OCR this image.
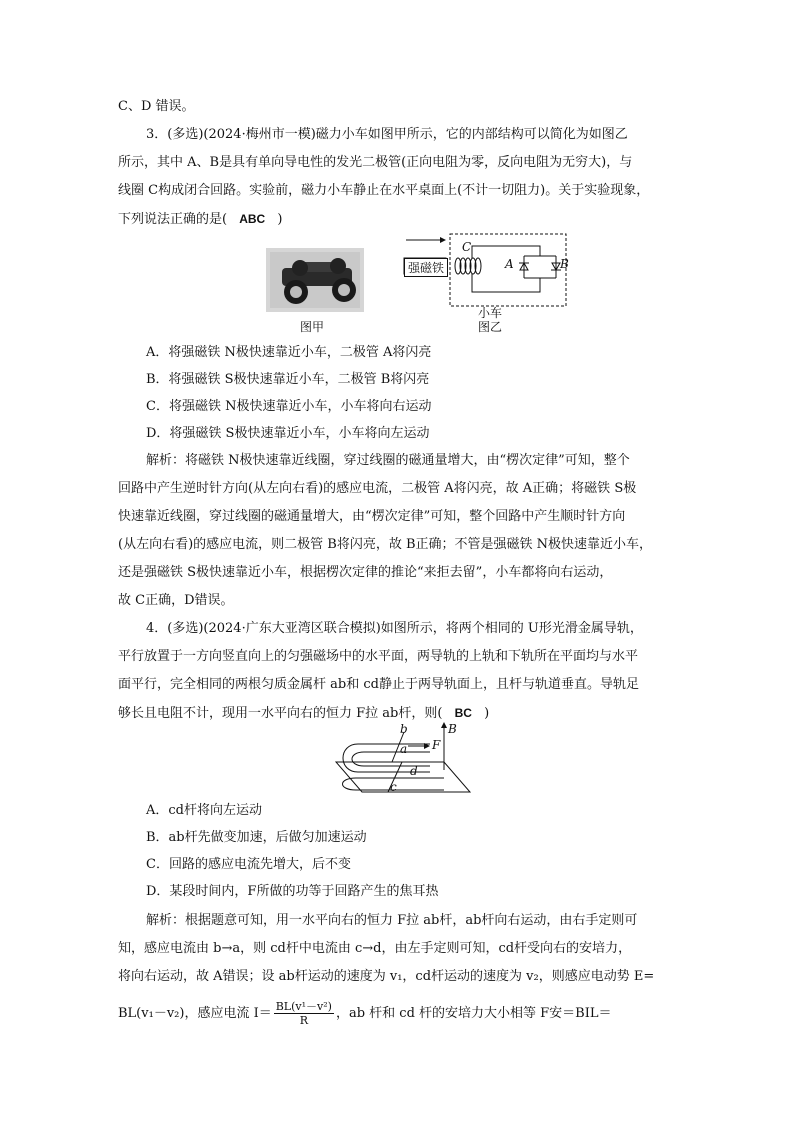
C、D 错误。
3．(多选)(2024·梅州市一模)磁力小车如图甲所示，它的内部结构可以简化为如图乙
所示，其中 A、B是具有单向导电性的发光二极管(正向电阻为零，反向电阻为无穷大)，与
线圈 C构成闭合回路。实验前，磁力小车静止在水平桌面上(不计一切阻力)。关于实验现象，
下列说法正确的是( ABC )
图甲
强磁铁
C
A	B
小车
图乙
A．将强磁铁 N极快速靠近小车，二极管 A将闪亮
B．将强磁铁 S极快速靠近小车，二极管 B将闪亮
C．将强磁铁 N极快速靠近小车，小车将向右运动
D．将强磁铁 S极快速靠近小车，小车将向左运动
解析：将磁铁 N极快速靠近线圈，穿过线圈的磁通量增大，由“楞次定律”可知，整个
回路中产生逆时针方向(从左向右看)的感应电流，二极管 A将闪亮，故 A正确；将磁铁 S极
快速靠近线圈，穿过线圈的磁通量增大，由“楞次定律”可知，整个回路中产生顺时针方向
(从左向右看)的感应电流，则二极管 B将闪亮，故 B正确；不管是强磁铁 N极快速靠近小车，
还是强磁铁 S极快速靠近小车，根据楞次定律的推论“来拒去留”，小车都将向右运动，
故 C正确，D错误。
4．(多选)(2024·广东大亚湾区联合模拟)如图所示，将两个相同的 U形光滑金属导轨，
平行放置于一方向竖直向上的匀强磁场中的水平面，两导轨的上轨和下轨所在平面均与水平
面平行，完全相同的两根匀质金属杆 ab和 cd静止于两导轨面上，且杆与轨道垂直。导轨足
够长且电阻不计，现用一水平向右的恒力 F拉 ab杆，则( BC )
b	B
F
a
d
c
A．cd杆将向左运动
B．ab杆先做变加速，后做匀加速运动
C．回路的感应电流先增大，后不变
D．某段时间内，F所做的功等于回路产生的焦耳热
解析：根据题意可知，用一水平向右的恒力 F拉 ab杆，ab杆向右运动，由右手定则可
知，感应电流由 b→a，则 cd杆中电流由 c→d，由左手定则可知，cd杆受向右的安培力，
将向右运动，故 A错误；设 ab杆运动的速度为 v₁，cd杆运动的速度为 v₂，则感应电动势 E=
BL(v₁－v₂)，感应电流 $I= \frac{\text{BL(v¹－v²)}}{R}$ ，ab 杆和 cd 杆的安培力大小相等 F安＝BIL＝
